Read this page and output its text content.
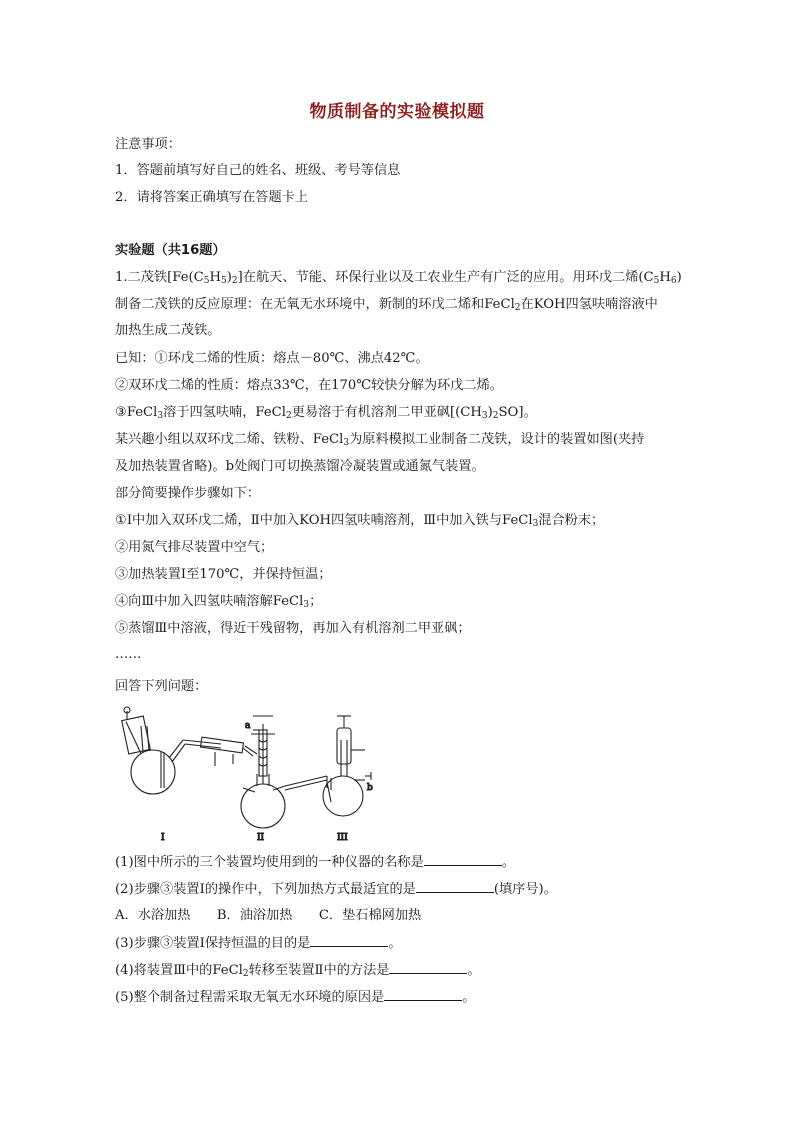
物质制备的实验模拟题
注意事项：
1．答题前填写好自己的姓名、班级、考号等信息
2．请将答案正确填写在答题卡上
实验题（共16题）
1.二茂铁$[Fe(C_5H_5)_2]$在航天、节能、环保行业以及工农业生产有广泛的应用。用环戊二烯$(C_5H_6)$
制备二茂铁的反应原理：在无氧无水环境中，新制的环戊二烯和FeCl$_2$在KOH四氢呋喃溶液中
加热生成二茂铁。
已知：①环戊二烯的性质：熔点－80℃、沸点42℃。
②双环戊二烯的性质：熔点33℃，在170℃较快分解为环戊二烯。
③FeCl$_3$溶于四氢呋喃，FeCl$_2$更易溶于有机溶剂二甲亚砜$[(CH_3)_2SO]$。
某兴趣小组以双环戊二烯、铁粉、FeCl$_3$为原料模拟工业制备二茂铁，设计的装置如图(夹持
及加热装置省略)。b处阀门可切换蒸馏冷凝装置或通氮气装置。
部分简要操作步骤如下：
①I中加入双环戊二烯，Ⅱ中加入KOH四氢呋喃溶剂，Ⅲ中加入铁与FeCl$_3$混合粉末；
②用氮气排尽装置中空气；
③加热装置I至170℃，并保持恒温；
④向Ⅲ中加入四氢呋喃溶解FeCl$_3$；
⑤蒸馏Ⅲ中溶液，得近干残留物，再加入有机溶剂二甲亚砜；
……
回答下列问题：
I
a
II
b
III
(1)图中所示的三个装置均使用到的一种仪器的名称是	。
(2)步骤③装置I的操作中，下列加热方式最适宜的是	(填序号)。
A．水浴加热　　B．油浴加热　　C．垫石棉网加热
(3)步骤③装置I保持恒温的目的是	。
(4)将装置Ⅲ中的FeCl$_2$转移至装置Ⅱ中的方法是	。
(5)整个制备过程需采取无氧无水环境的原因是	。
